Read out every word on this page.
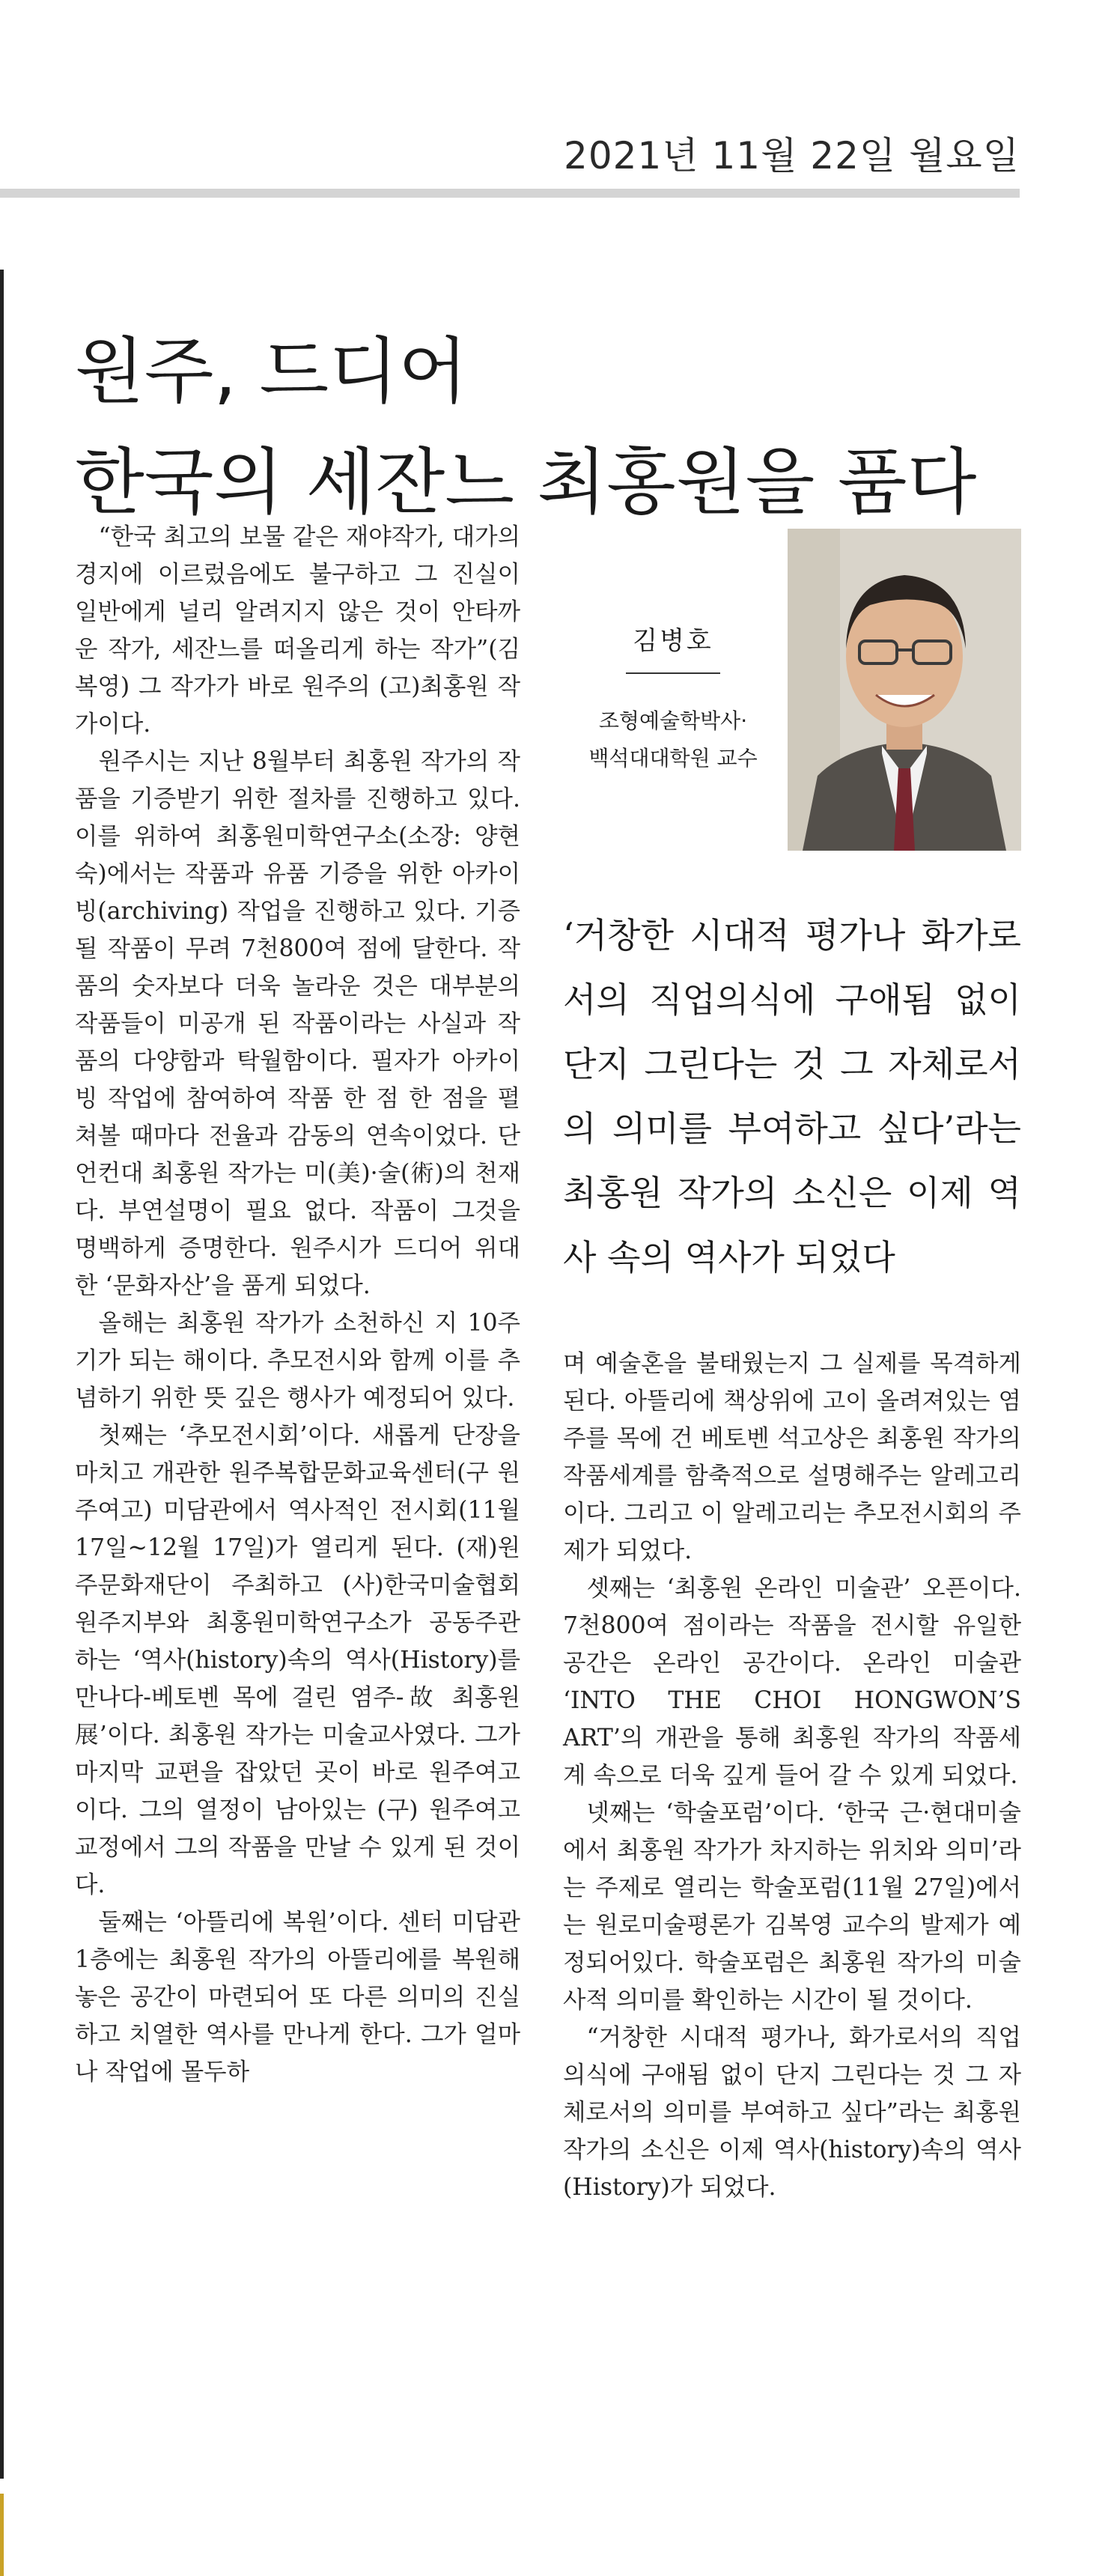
2021년 11월 22일 월요일
원주, 드디어
한국의 세잔느 최홍원을 품다

“한국 최고의 보물 같은 재야작가, 대가의 경지에 이르렀음에도 불구하고 그 진실이 일반에게 널리 알려지지 않은 것이 안타까운 작가, 세잔느를 떠올리게 하는 작가”(김복영) 그 작가가 바로 원주의 (고)최홍원 작가이다.

원주시는 지난 8월부터 최홍원 작가의 작품을 기증받기 위한 절차를 진행하고 있다. 이를 위하여 최홍원미학연구소(소장: 양현숙)에서는 작품과 유품 기증을 위한 아카이빙(archiving) 작업을 진행하고 있다. 기증될 작품이 무려 7천800여 점에 달한다. 작품의 숫자보다 더욱 놀라운 것은 대부분의 작품들이 미공개 된 작품이라는 사실과 작품의 다양함과 탁월함이다. 필자가 아카이빙 작업에 참여하여 작품 한 점 한 점을 펼쳐볼 때마다 전율과 감동의 연속이었다. 단언컨대 최홍원 작가는 미(美)·술(術)의 천재다. 부연설명이 필요 없다. 작품이 그것을 명백하게 증명한다. 원주시가 드디어 위대한 ‘문화자산’을 품게 되었다.

올해는 최홍원 작가가 소천하신 지 10주기가 되는 해이다. 추모전시와 함께 이를 추념하기 위한 뜻 깊은 행사가 예정되어 있다.

첫째는 ‘추모전시회’이다. 새롭게 단장을 마치고 개관한 원주복합문화교육센터(구 원주여고) 미담관에서 역사적인 전시회(11월 17일~12월 17일)가 열리게 된다. (재)원주문화재단이 주최하고 (사)한국미술협회 원주지부와 최홍원미학연구소가 공동주관하는 ‘역사(history)속의 역사(History)를 만나다-베토벤 목에 걸린 염주-故 최홍원展’이다. 최홍원 작가는 미술교사였다. 그가 마지막 교편을 잡았던 곳이 바로 원주여고이다. 그의 열정이 남아있는 (구) 원주여고 교정에서 그의 작품을 만날 수 있게 된 것이다.

둘째는 ‘아뜰리에 복원’이다. 센터 미담관 1층에는 최홍원 작가의 아뜰리에를 복원해 놓은 공간이 마련되어 또 다른 의미의 진실하고 치열한 역사를 만나게 한다. 그가 얼마나 작업에 몰두하

김병호
조형예술학박사·
백석대대학원 교수
‘거창한 시대적 평가나 화가로서의 직업의식에 구애됨 없이 단지 그린다는 것 그 자체로서의 의미를 부여하고 싶다’라는 최홍원 작가의 소신은 이제 역사 속의 역사가 되었다

며 예술혼을 불태웠는지 그 실제를 목격하게 된다. 아뜰리에 책상위에 고이 올려져있는 염주를 목에 건 베토벤 석고상은 최홍원 작가의 작품세계를 함축적으로 설명해주는 알레고리이다. 그리고 이 알레고리는 추모전시회의 주제가 되었다.

셋째는 ‘최홍원 온라인 미술관’ 오픈이다. 7천800여 점이라는 작품을 전시할 유일한 공간은 온라인 공간이다. 온라인 미술관 ‘INTO THE CHOI HONGWON’S ART’의 개관을 통해 최홍원 작가의 작품세계 속으로 더욱 깊게 들어 갈 수 있게 되었다.

넷째는 ‘학술포럼’이다. ‘한국 근·현대미술에서 최홍원 작가가 차지하는 위치와 의미’라는 주제로 열리는 학술포럼(11월 27일)에서는 원로미술평론가 김복영 교수의 발제가 예정되어있다. 학술포럼은 최홍원 작가의 미술사적 의미를 확인하는 시간이 될 것이다.

“거창한 시대적 평가나, 화가로서의 직업의식에 구애됨 없이 단지 그린다는 것 그 자체로서의 의미를 부여하고 싶다”라는 최홍원 작가의 소신은 이제 역사(history)속의 역사(History)가 되었다.
